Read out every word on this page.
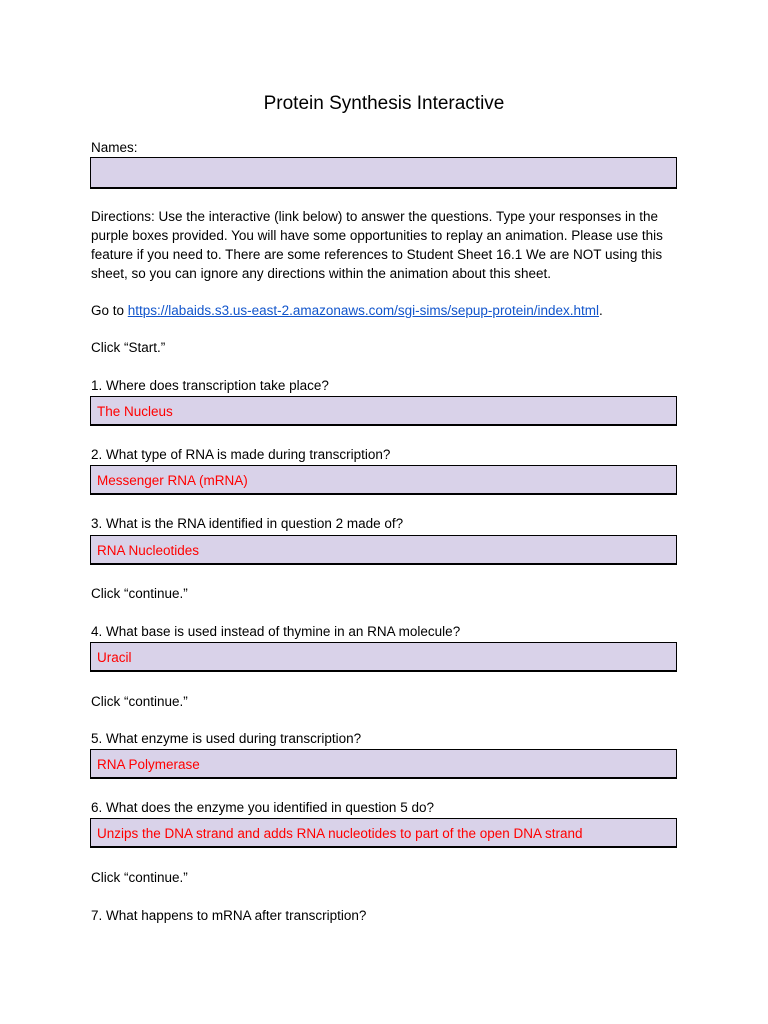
Protein Synthesis Interactive
Names:
Directions: Use the interactive (link below) to answer the questions. Type your responses in the purple boxes provided. You will have some opportunities to replay an animation. Please use this feature if you need to. There are some references to Student Sheet 16.1 We are NOT using this sheet, so you can ignore any directions within the animation about this sheet.
Go to https://labaids.s3.us-east-2.amazonaws.com/sgi-sims/sepup-protein/index.html.
Click “Start.”
1. Where does transcription take place?
The Nucleus
2. What type of RNA is made during transcription?
Messenger RNA (mRNA)
3. What is the RNA identified in question 2 made of?
RNA Nucleotides
Click “continue.”
4. What base is used instead of thymine in an RNA molecule?
Uracil
Click “continue.”
5. What enzyme is used during transcription?
RNA Polymerase
6. What does the enzyme you identified in question 5 do?
Unzips the DNA strand and adds RNA nucleotides to part of the open DNA strand
Click “continue.”
7. What happens to mRNA after transcription?
